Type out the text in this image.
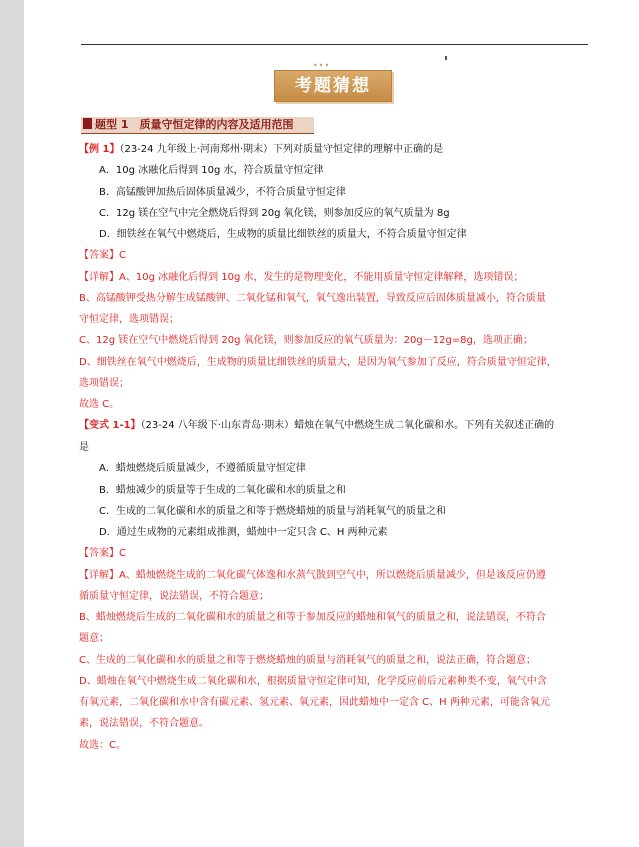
•••
考题猜想
题型 1　质量守恒定律的内容及适用范围
【例 1】（23-24 九年级上·河南郑州·期末）下列对质量守恒定律的理解中正确的是
A．10g 冰融化后得到 10g 水，符合质量守恒定律
B．高锰酸钾加热后固体质量减少，不符合质量守恒定律
C．12g 镁在空气中完全燃烧后得到 20g 氧化镁，则参加反应的氧气质量为 8g
D．细铁丝在氧气中燃烧后，生成物的质量比细铁丝的质量大，不符合质量守恒定律
【答案】C
【详解】A、10g 冰融化后得到 10g 水，发生的是物理变化，不能用质量守恒定律解释，选项错误；
B、高锰酸钾受热分解生成锰酸钾、二氧化锰和氧气，氧气逸出装置，导致反应后固体质量减小，符合质量
守恒定律，选项错误；
C、12g 镁在空气中燃烧后得到 20g 氧化镁，则参加反应的氧气质量为：20g－12g=8g，选项正确；
D、细铁丝在氧气中燃烧后，生成物的质量比细铁丝的质量大，是因为氧气参加了反应，符合质量守恒定律，
选项错误；
故选 C。
【变式 1-1】（23-24 八年级下·山东青岛·期末）蜡烛在氧气中燃烧生成二氧化碳和水。下列有关叙述正确的
是
A．蜡烛燃烧后质量减少，不遵循质量守恒定律
B．蜡烛减少的质量等于生成的二氧化碳和水的质量之和
C．生成的二氧化碳和水的质量之和等于燃烧蜡烛的质量与消耗氧气的质量之和
D．通过生成物的元素组成推测，蜡烛中一定只含 C、H 两种元素
【答案】C
【详解】A、蜡烛燃烧生成的二氧化碳气体逸和水蒸气散到空气中，所以燃烧后质量减少，但是该反应仍遵
循质量守恒定律，说法错误，不符合题意；
B、蜡烛燃烧后生成的二氧化碳和水的质量之和等于参加反应的蜡烛和氧气的质量之和，说法错误，不符合
题意；
C、生成的二氧化碳和水的质量之和等于燃烧蜡烛的质量与消耗氧气的质量之和，说法正确，符合题意；
D、蜡烛在氧气中燃烧生成二氧化碳和水，根据质量守恒定律可知，化学反应前后元素种类不变，氧气中含
有氧元素，二氧化碳和水中含有碳元素、氢元素、氧元素，因此蜡烛中一定含 C、H 两种元素，可能含氧元
素，说法错误，不符合题意。
故选：C。
